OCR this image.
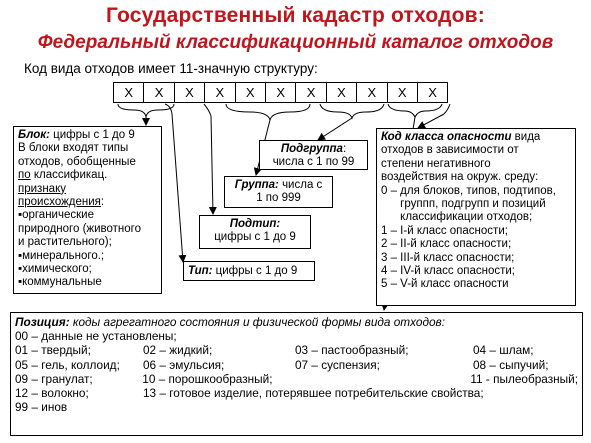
Государственный кадастр отходов:
Федеральный классификационный каталог отходов
Код вида отходов имеет 11-значную структуру:
X	X	X	X	X	X	X	X	X	X	X
Блок: цифры с 1 до 9
В блоки входят типы
отходов, обобщенные
по классификац.
признаку
происхождения:
▪органические
природного (животного
и растительного);
▪минерального.;
▪химического;
▪коммунальные
Подгруппа:
числа с 1 по 99
Группа: числа с
1 по 999
Подтип:
цифры с 1 до 9
Тип: цифры с 1 до 9
Код класса опасности вида
отходов в зависимости от
степени негативного
воздействия на окруж. среду:
0 – для блоков, типов, подтипов,
группп, подгрупп и позиций
классификации отходов;
1 – I-й класс опасности;
2 – II-й класс опасности;
3 – III-й класс опасности;
4 – IV-й класс опасности;
5 – V-й класс опасности
Позиция: коды агрегатного состояния и физической формы вида отходов:
00 – данные не установлены;
01 – твердый;	02 – жидкий;	03 – пастообразный;	04 – шлам;
05 – гель, коллоид;	06 – эмульсия;	07 – суспензия;	08 – сыпучий;
09 – гранулат;	10 – порошкообразный;	11 - пылеобразный;
12 – волокно;	13 – готовое изделие, потерявшее потребительские свойства;
99 – инов
